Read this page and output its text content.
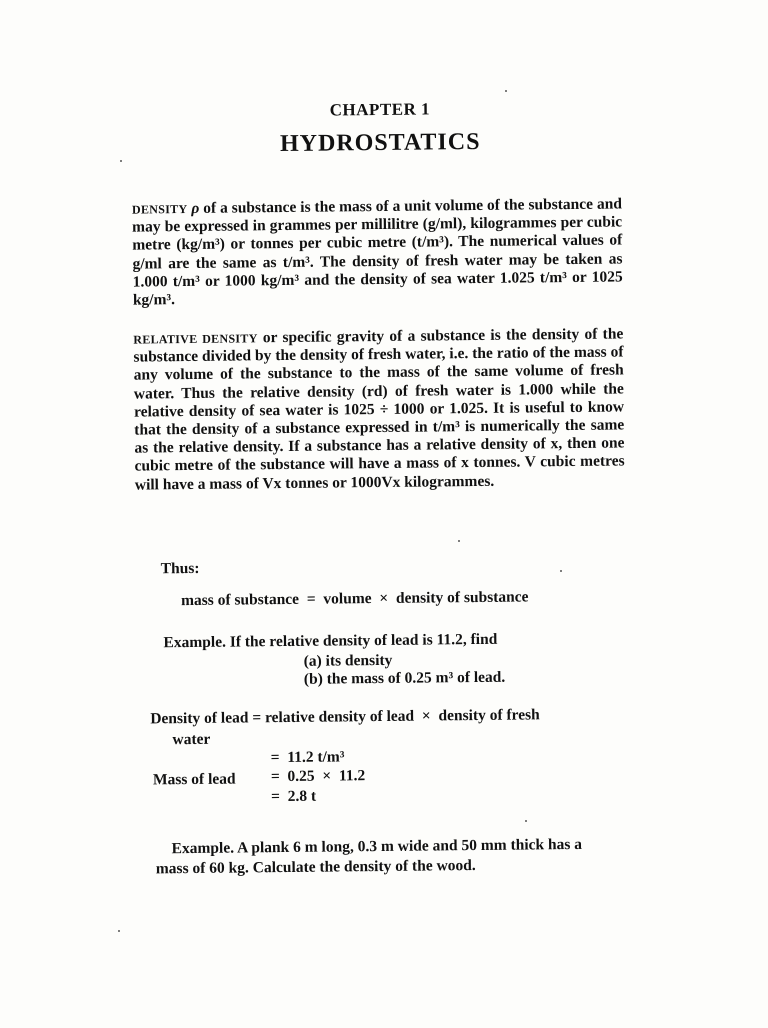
CHAPTER 1
HYDROSTATICS
DENSITY ρ of a substance is the mass of a unit volume of the substance and may be expressed in grammes per millilitre (g/ml), kilogrammes per cubic metre (kg/m³) or tonnes per cubic metre (t/m³). The numerical values of g/ml are the same as t/m³. The density of fresh water may be taken as 1.000 t/m³ or 1000 kg/m³ and the density of sea water 1.025 t/m³ or 1025 kg/m³.
RELATIVE DENSITY or specific gravity of a substance is the density of the substance divided by the density of fresh water, i.e. the ratio of the mass of any volume of the substance to the mass of the same volume of fresh water. Thus the relative density (rd) of fresh water is 1.000 while the relative density of sea water is 1025 ÷ 1000 or 1.025. It is useful to know that the density of a substance expressed in t/m³ is numerically the same as the relative density. If a substance has a relative density of x, then one cubic metre of the substance will have a mass of x tonnes. V cubic metres will have a mass of Vx tonnes or 1000Vx kilogrammes.
Thus:
mass of substance  =  volume  ×  density of substance
Example. If the relative density of lead is 11.2, find
(a) its density
(b) the mass of 0.25 m³ of lead.
Density of lead = relative density of lead  ×  density of fresh
water
=  11.2 t/m³
Mass of lead =  0.25  ×  11.2
=  2.8 t
Example. A plank 6 m long, 0.3 m wide and 50 mm thick has a
mass of 60 kg. Calculate the density of the wood.
